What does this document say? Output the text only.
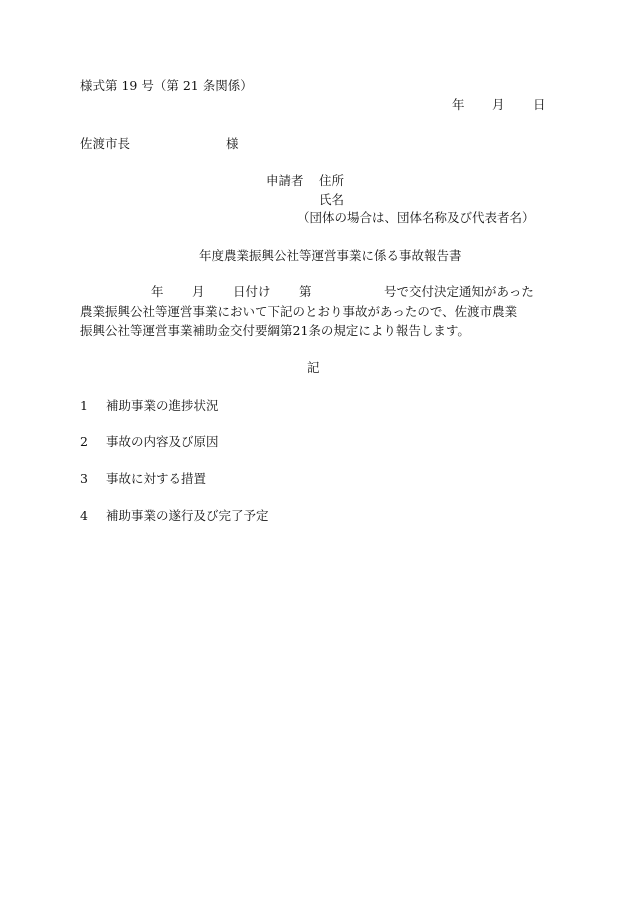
様式第 19 号（第 21 条関係）
年 月 日
佐渡市長	様
申請者 住所
氏名
（団体の場合は、団体名称及び代表者名）
年度農業振興公社等運営事業に係る事故報告書
年 月 日付け 第	号で交付決定通知があった
農業振興公社等運営事業において下記のとおり事故があったので、佐渡市農業
振興公社等運営事業補助金交付要綱第21条の規定により報告します。
記
1 補助事業の進捗状況
2 事故の内容及び原因
3 事故に対する措置
4 補助事業の遂行及び完了予定
